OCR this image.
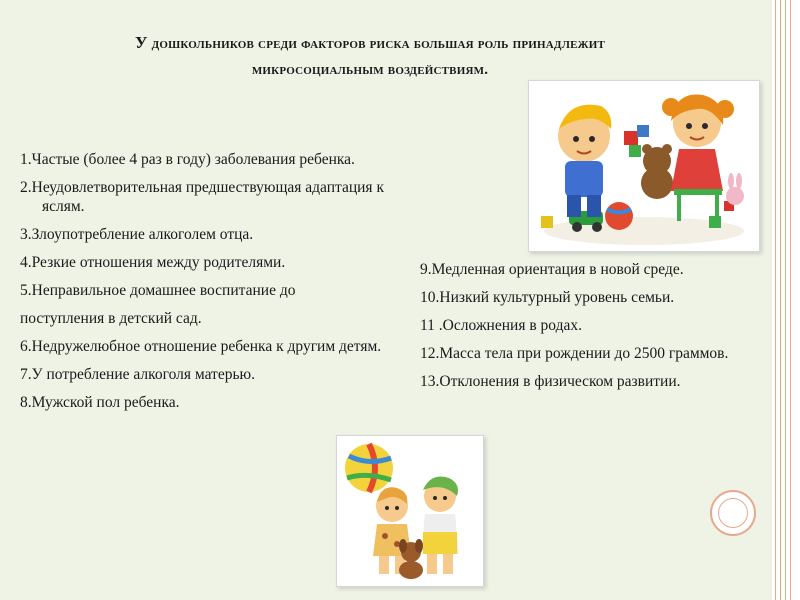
У дошкольников среди факторов риска большая роль принадлежит
микросоциальным воздействиям.
1.Частые (более 4 раз в году) заболевания ребенка.
2.Неудовлетворительная предшествующая адаптация к яслям.
3.Злоупотребление алкоголем отца.
4.Резкие отношения между родителями.
5.Неправильное домашнее воспитание до
поступления в детский сад.
6.Недружелюбное отношение ребенка к другим детям.
7.У потребление алкоголя матерью.
8.Мужской пол ребенка.
9.Медленная ориентация в новой среде.
10.Низкий культурный уровень семьи.
11 .Осложнения в родах.
12.Масса тела при рождении до 2500 граммов.
13.Отклонения в физическом развитии.
